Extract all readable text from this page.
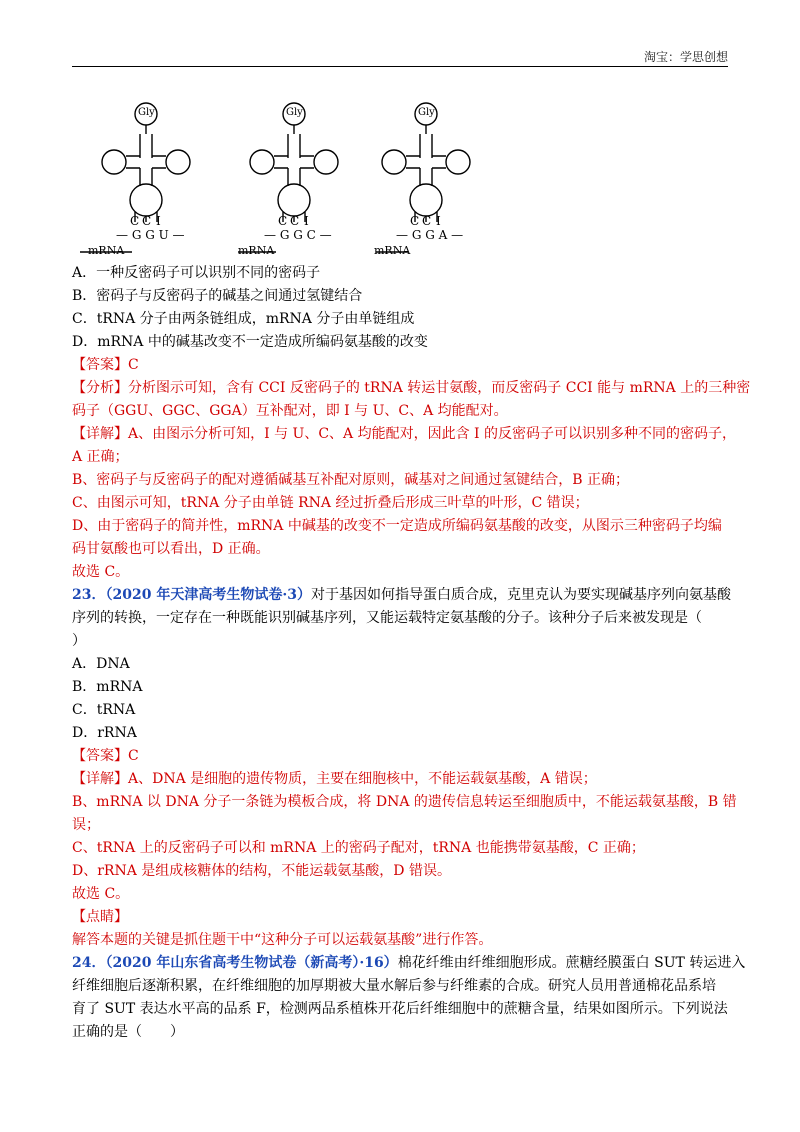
淘宝：学思创想
Gly
C C I
— G G U —
mRNA
Gly
C C I
— G G C —
mRNA
Gly
C C I
— G G A —
mRNA
A．一种反密码子可以识别不同的密码子
B．密码子与反密码子的碱基之间通过氢键结合
C．tRNA 分子由两条链组成，mRNA 分子由单链组成
D．mRNA 中的碱基改变不一定造成所编码氨基酸的改变
【答案】C
【分析】分析图示可知，含有 CCI 反密码子的 tRNA 转运甘氨酸，而反密码子 CCI 能与 mRNA 上的三种密
码子（GGU、GGC、GGA）互补配对，即 I 与 U、C、A 均能配对。
【详解】A、由图示分析可知，I 与 U、C、A 均能配对，因此含 I 的反密码子可以识别多种不同的密码子，
A 正确；
B、密码子与反密码子的配对遵循碱基互补配对原则，碱基对之间通过氢键结合，B 正确；
C、由图示可知，tRNA 分子由单链 RNA 经过折叠后形成三叶草的叶形，C 错误；
D、由于密码子的简并性，mRNA 中碱基的改变不一定造成所编码氨基酸的改变，从图示三种密码子均编
码甘氨酸也可以看出，D 正确。
故选 C。
23．（2020 年天津高考生物试卷·3）对于基因如何指导蛋白质合成，克里克认为要实现碱基序列向氨基酸
序列的转换，一定存在一种既能识别碱基序列，又能运载特定氨基酸的分子。该种分子后来被发现是（
）
A．DNA
B．mRNA
C．tRNA
D．rRNA
【答案】C
【详解】A、DNA 是细胞的遗传物质，主要在细胞核中，不能运载氨基酸，A 错误；
B、mRNA 以 DNA 分子一条链为模板合成，将 DNA 的遗传信息转运至细胞质中，不能运载氨基酸，B 错
误；
C、tRNA 上的反密码子可以和 mRNA 上的密码子配对，tRNA 也能携带氨基酸，C 正确；
D、rRNA 是组成核糖体的结构，不能运载氨基酸，D 错误。
故选 C。
【点睛】
解答本题的关键是抓住题干中“这种分子可以运载氨基酸”进行作答。
24．（2020 年山东省高考生物试卷（新高考）·16）棉花纤维由纤维细胞形成。蔗糖经膜蛋白 SUT 转运进入
纤维细胞后逐渐积累，在纤维细胞的加厚期被大量水解后参与纤维素的合成。研究人员用普通棉花品系培
育了 SUT 表达水平高的品系 F，检测两品系植株开花后纤维细胞中的蔗糖含量，结果如图所示。下列说法
正确的是（　　）
